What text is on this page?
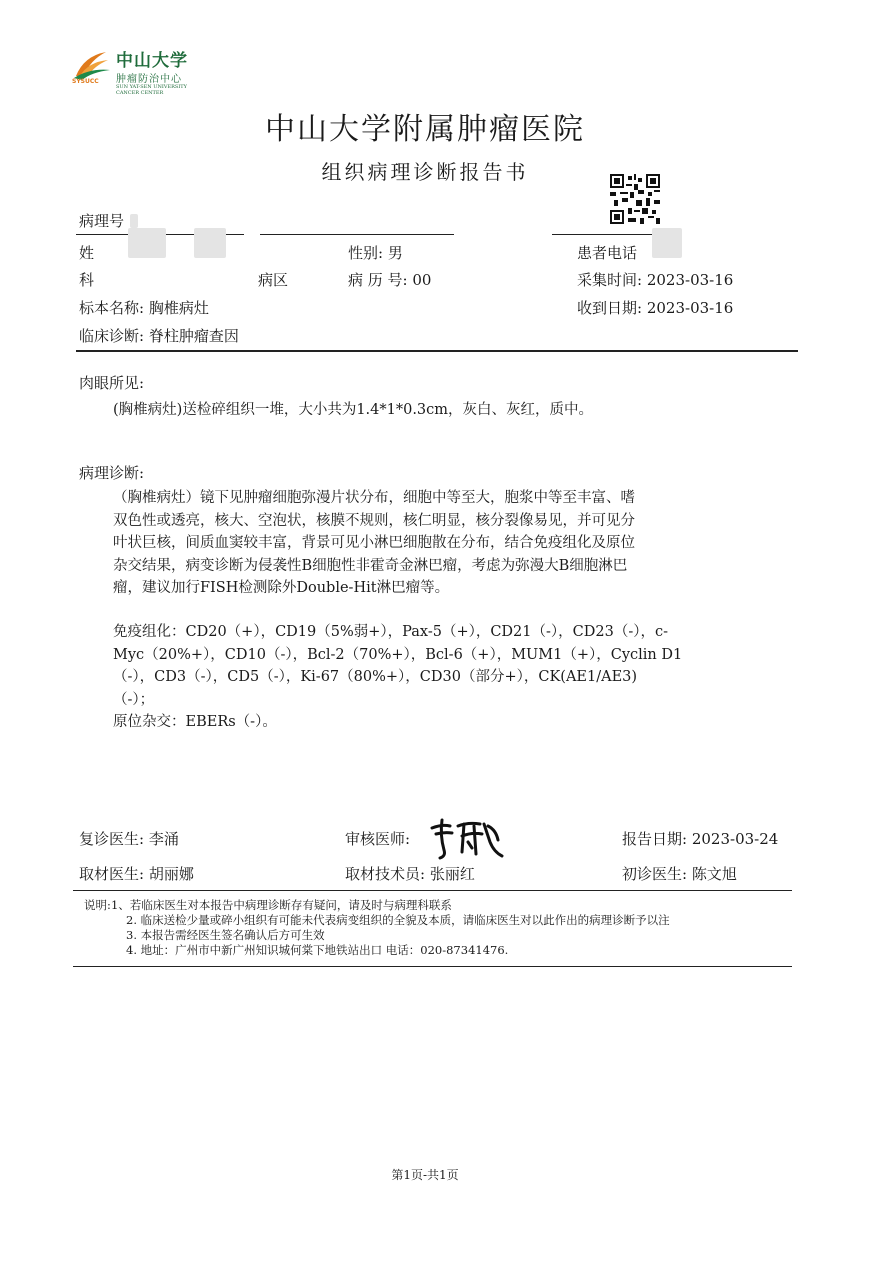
SYSUCC
中山大学
肿瘤防治中心
SUN YAT-SEN UNIVERSITY CANCER CENTER
中山大学附属肿瘤医院
组织病理诊断报告书
病理号
姓	性别: 男	患者电话
科	病区	病 历 号: 00	采集时间: 2023-03-16
标本名称: 胸椎病灶	收到日期: 2023-03-16
临床诊断: 脊柱肿瘤查因
肉眼所见:
(胸椎病灶)送检碎组织一堆，大小共为1.4*1*0.3cm，灰白、灰红，质中。
病理诊断:
（胸椎病灶）镜下见肿瘤细胞弥漫片状分布，细胞中等至大，胞浆中等至丰富、嗜
双色性或透亮，核大、空泡状，核膜不规则，核仁明显，核分裂像易见，并可见分
叶状巨核，间质血窦较丰富，背景可见小淋巴细胞散在分布，结合免疫组化及原位
杂交结果，病变诊断为侵袭性B细胞性非霍奇金淋巴瘤，考虑为弥漫大B细胞淋巴
瘤，建议加行FISH检测除外Double-Hit淋巴瘤等。
免疫组化：CD20（+），CD19（5%弱+），Pax-5（+），CD21（-），CD23（-），c-
Myc（20%+），CD10（-），Bcl-2（70%+），Bcl-6（+），MUM1（+），Cyclin D1
（-），CD3（-），CD5（-），Ki-67（80%+），CD30（部分+），CK(AE1/AE3)
（-）；
原位杂交：EBERs（-）。
复诊医生: 李涌	审核医师:	报告日期: 2023-03-24
取材医生: 胡丽娜	取材技术员: 张丽红	初诊医生: 陈文旭
说明: 1、若临床医生对本报告中病理诊断存有疑问，请及时与病理科联系
2. 临床送检少量或碎小组织有可能未代表病变组织的全貌及本质，请临床医生对以此作出的病理诊断予以注
3. 本报告需经医生签名确认后方可生效
4. 地址：广州市中新广州知识城何棠下地铁站出口 电话：020-87341476.
第1页-共1页
